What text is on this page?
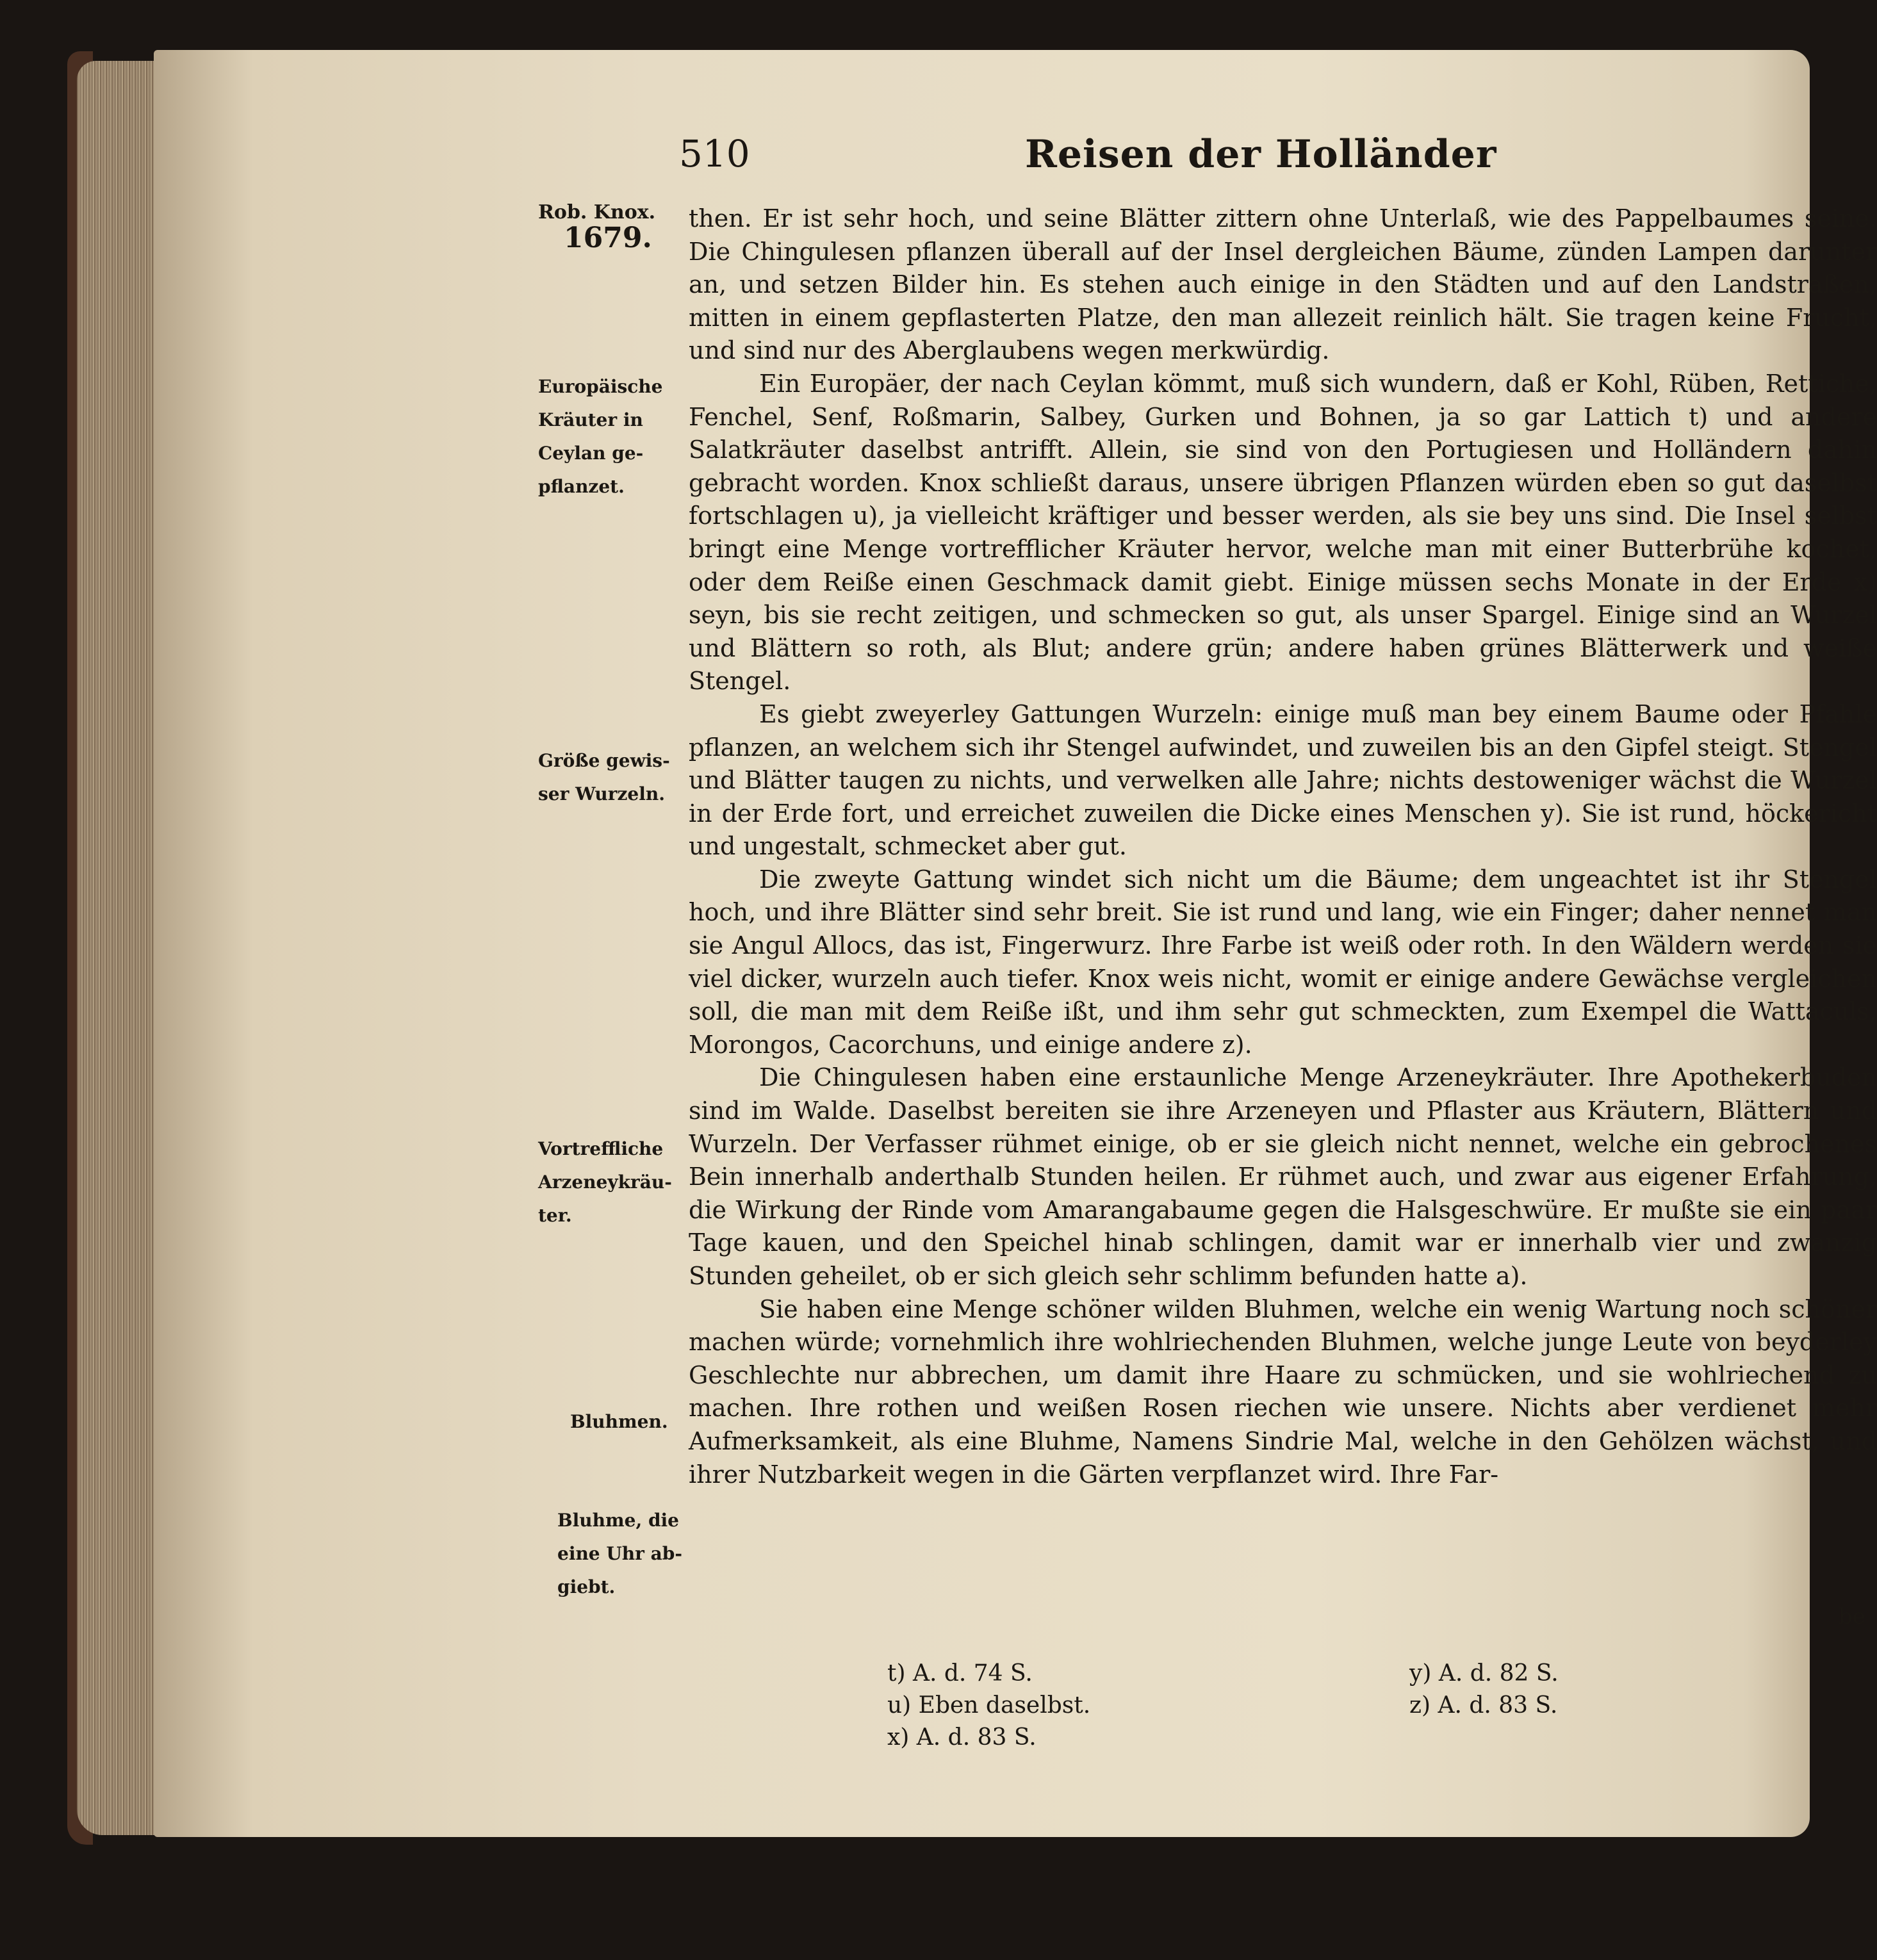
510	Reisen der Holländer
Rob. Knox.
1679.
Europäische
Kräuter in
Ceylan ge-
pflanzet.
Größe gewis-
ser Wurzeln.
Vortreffliche
Arzeneykräu-
ter.
Bluhmen.
Bluhme, die
eine Uhr ab-
giebt.

then. Er ist sehr hoch, und seine Blätter zittern ohne Unterlaß, wie des Pappelbaumes seine. Die Chingulesen pflanzen überall auf der Insel dergleichen Bäume, zünden Lampen darunter an, und setzen Bilder hin. Es stehen auch einige in den Städten und auf den Landstraßen, mitten in einem gepflasterten Platze, den man allezeit reinlich hält. Sie tragen keine Frucht, und sind nur des Aberglaubens wegen merkwürdig.

Ein Europäer, der nach Ceylan kömmt, muß sich wundern, daß er Kohl, Rüben, Rettiche, Fenchel, Senf, Roßmarin, Salbey, Gurken und Bohnen, ja so gar Lattich t) und andere Salatkräuter daselbst antrifft. Allein, sie sind von den Portugiesen und Holländern dahin gebracht worden. Knox schließt daraus, unsere übrigen Pflanzen würden eben so gut daselbst fortschlagen u), ja vielleicht kräftiger und besser werden, als sie bey uns sind. Die Insel selbst bringt eine Menge vortrefflicher Kräuter hervor, welche man mit einer Butterbrühe kochet, oder dem Reiße einen Geschmack damit giebt. Einige müssen sechs Monate in der Erde x) seyn, bis sie recht zeitigen, und schmecken so gut, als unser Spargel. Einige sind an Wurzel und Blättern so roth, als Blut; andere grün; andere haben grünes Blätterwerk und weiße Stengel.

Es giebt zweyerley Gattungen Wurzeln: einige muß man bey einem Baume oder Pfahle pflanzen, an welchem sich ihr Stengel aufwindet, und zuweilen bis an den Gipfel steigt. Stengel und Blätter taugen zu nichts, und verwelken alle Jahre; nichts destoweniger wächst die Wurzel in der Erde fort, und erreichet zuweilen die Dicke eines Menschen y). Sie ist rund, höckericht und ungestalt, schmecket aber gut.

Die zweyte Gattung windet sich nicht um die Bäume; dem ungeachtet ist ihr Stengel hoch, und ihre Blätter sind sehr breit. Sie ist rund und lang, wie ein Finger; daher nennet man sie Angul Allocs, das ist, Fingerwurz. Ihre Farbe ist weiß oder roth. In den Wäldern werden sie viel dicker, wurzeln auch tiefer. Knox weis nicht, womit er einige andere Gewächse vergleichen soll, die man mit dem Reiße ißt, und ihm sehr gut schmeckten, zum Exempel die Wattaculs, Morongos, Cacorchuns, und einige andere z).

Die Chingulesen haben eine erstaunliche Menge Arzeneykräuter. Ihre Apothekerbuden sind im Walde. Daselbst bereiten sie ihre Arzeneyen und Pflaster aus Kräutern, Blättern und Wurzeln. Der Verfasser rühmet einige, ob er sie gleich nicht nennet, welche ein gebrochenes Bein innerhalb anderthalb Stunden heilen. Er rühmet auch, und zwar aus eigener Erfahrung, die Wirkung der Rinde vom Amarangabaume gegen die Halsgeschwüre. Er mußte sie ein paar Tage kauen, und den Speichel hinab schlingen, damit war er innerhalb vier und zwanzig Stunden geheilet, ob er sich gleich sehr schlimm befunden hatte a).

Sie haben eine Menge schöner wilden Bluhmen, welche ein wenig Wartung noch schöner machen würde; vornehmlich ihre wohlriechenden Bluhmen, welche junge Leute von beyderley Geschlechte nur abbrechen, um damit ihre Haare zu schmücken, und sie wohlriechend zu machen. Ihre rothen und weißen Rosen riechen wie unsere. Nichts aber verdienet mehr Aufmerksamkeit, als eine Bluhme, Namens Sindrie Mal, welche in den Gehölzen wächst, und ihrer Nutzbarkeit wegen in die Gärten verpflanzet wird. Ihre Far-

be
t) A. d. 74 S.
u) Eben daselbst.
x) A. d. 83 S.
y) A. d. 82 S.
z) A. d. 83 S.
